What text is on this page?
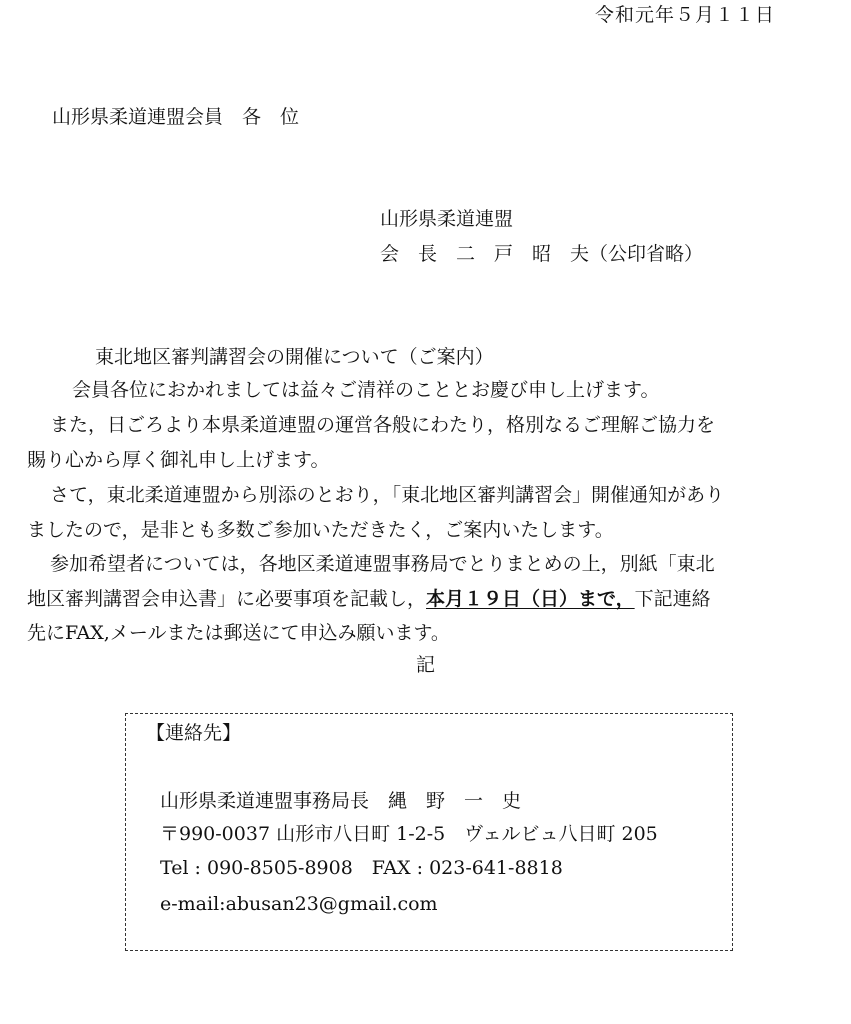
令和元年５月１１日
山形県柔道連盟会員　各　位
山形県柔道連盟
会　長　二　戸　昭　夫（公印省略）
東北地区審判講習会の開催について（ご案内）
会員各位におかれましては益々ご清祥のこととお慶び申し上げます。
また，日ごろより本県柔道連盟の運営各般にわたり，格別なるご理解ご協力を
賜り心から厚く御礼申し上げます。
さて，東北柔道連盟から別添のとおり，「東北地区審判講習会」開催通知があり
ましたので，是非とも多数ご参加いただきたく，ご案内いたします。
参加希望者については，各地区柔道連盟事務局でとりまとめの上，別紙「東北
地区審判講習会申込書」に必要事項を記載し，本月１９日（日）まで，下記連絡
先にFAX,メールまたは郵送にて申込み願います。
記
【連絡先】
山形県柔道連盟事務局長　縄　野　一　史
〒990-0037 山形市八日町 1-2-5　ヴェルビュ八日町 205
Tel : 090-8505-8908　FAX : 023-641-8818
e-mail:abusan23@gmail.com
